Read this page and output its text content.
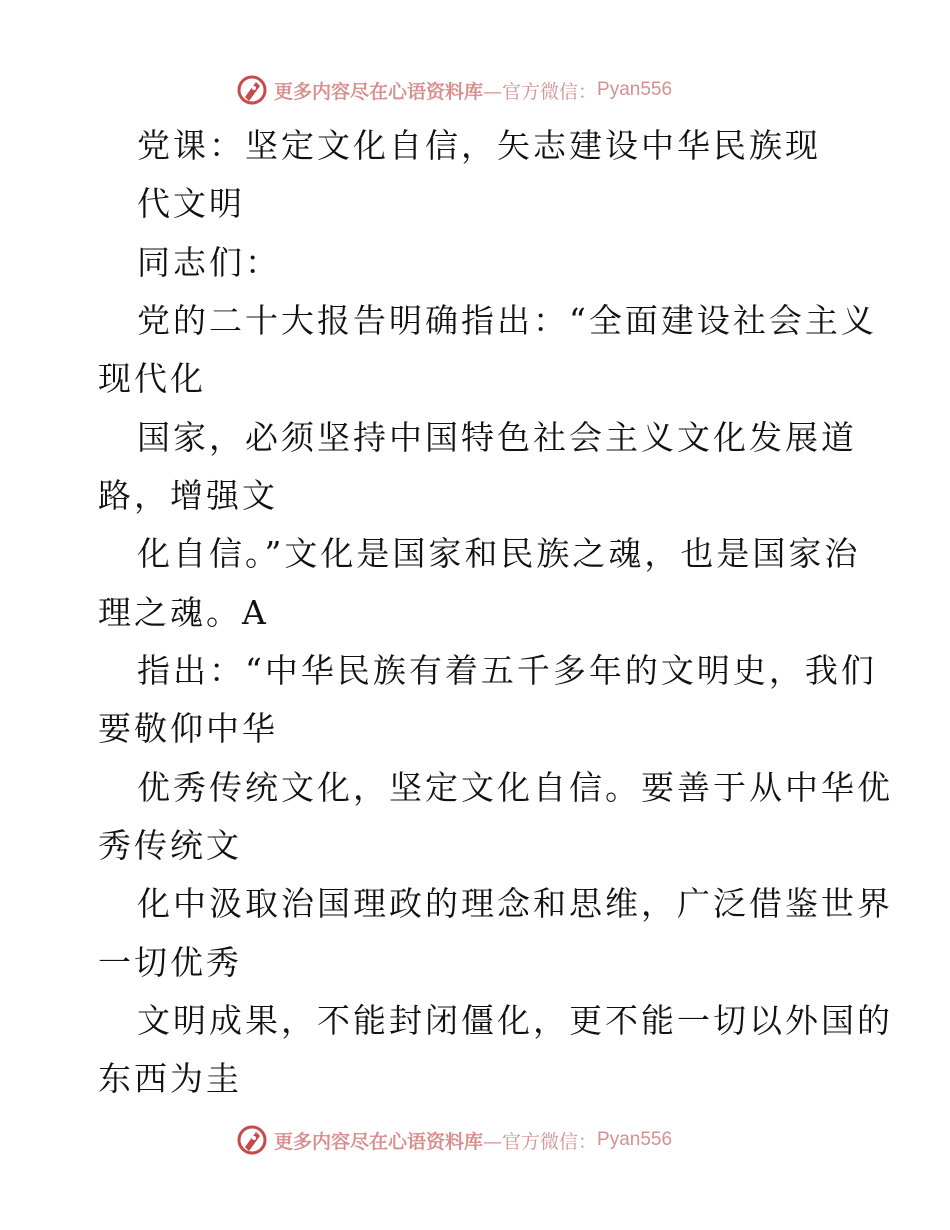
更多内容尽在心语资料库 —官方微信： Pyan556
党课：坚定文化自信，矢志建设中华民族现
代文明
同志们：
党的二十大报告明确指出：“全面建设社会主义
现代化
国家，必须坚持中国特色社会主义文化发展道
路，增强文
化自信。”文化是国家和民族之魂，也是国家治
理之魂。A
指出：“中华民族有着五千多年的文明史，我们
要敬仰中华
优秀传统文化，坚定文化自信。要善于从中华优
秀传统文
化中汲取治国理政的理念和思维，广泛借鉴世界
一切优秀
文明成果，不能封闭僵化，更不能一切以外国的
东西为圭
更多内容尽在心语资料库 —官方微信： Pyan556
